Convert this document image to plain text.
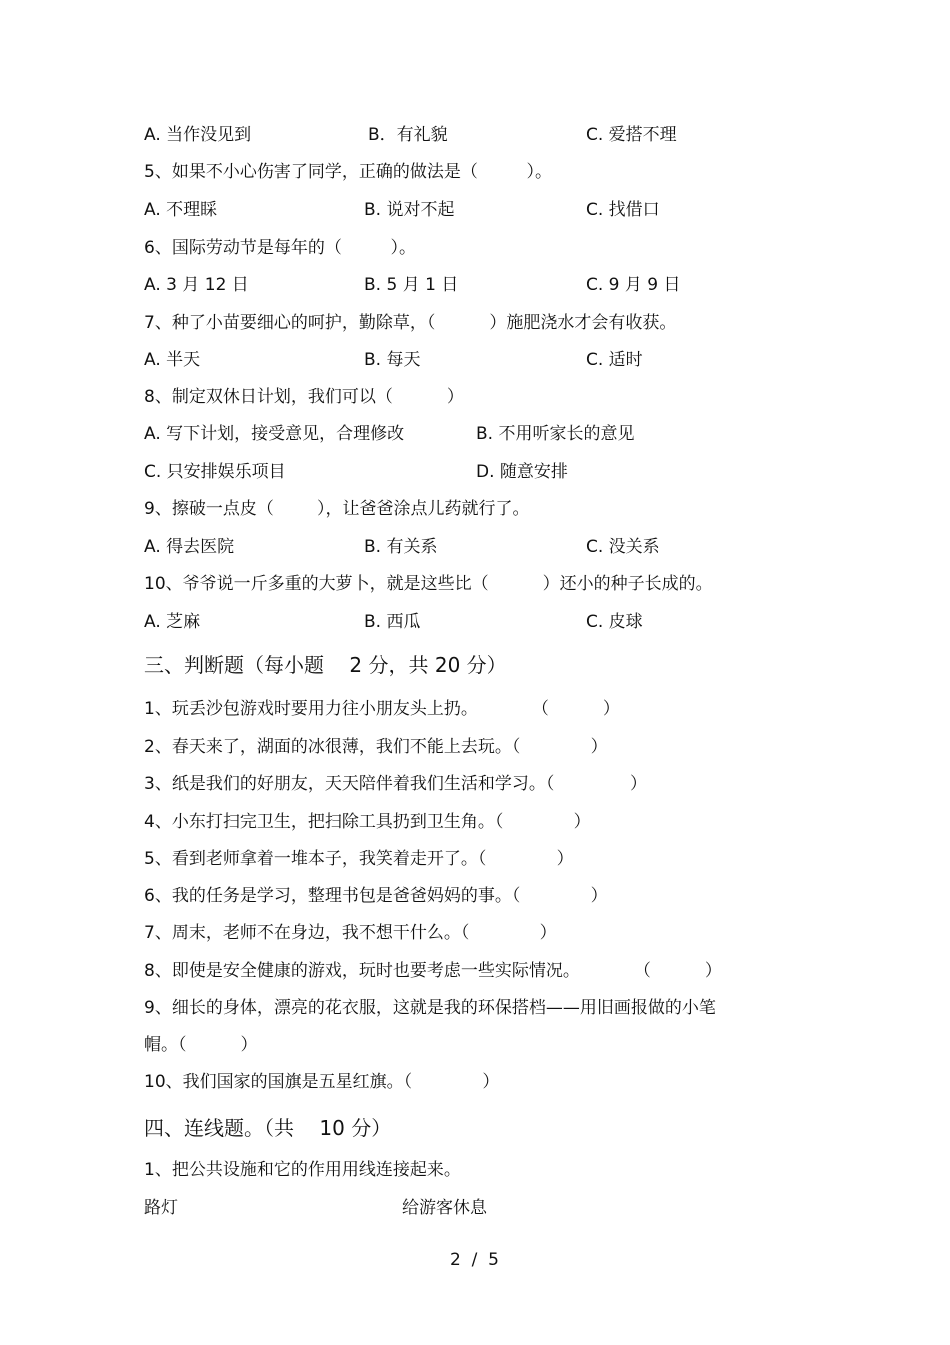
A. 当作没见到	B．有礼貌	C. 爱搭不理
5、如果不小心伤害了同学，正确的做法是（         ）。
A. 不理睬	B. 说对不起	C. 找借口
6、国际劳动节是每年的（         ）。
A. 3 月 12 日	B. 5 月 1 日	C. 9 月 9 日
7、种了小苗要细心的呵护，勤除草，（          ）施肥浇水才会有收获。
A. 半天	B. 每天	C. 适时
8、制定双休日计划，我们可以（          ）
A. 写下计划，接受意见，合理修改	B. 不用听家长的意见
C. 只安排娱乐项目	D. 随意安排
9、擦破一点皮（        ），让爸爸涂点儿药就行了。
A. 得去医院	B. 有关系	C. 没关系
10、爷爷说一斤多重的大萝卜，就是这些比（          ）还小的种子长成的。
A. 芝麻	B. 西瓜	C. 皮球
三、判断题（每小题    2 分，共 20 分）
1、玩丢沙包游戏时要用力往小朋友头上扔。          （          ）
2、春天来了，湖面的冰很薄，我们不能上去玩。（             ）
3、纸是我们的好朋友，天天陪伴着我们生活和学习。（              ）
4、小东打扫完卫生，把扫除工具扔到卫生角。（             ）
5、看到老师拿着一堆本子，我笑着走开了。（             ）
6、我的任务是学习，整理书包是爸爸妈妈的事。（             ）
7、周末，老师不在身边，我不想干什么。（             ）
8、即使是安全健康的游戏，玩时也要考虑一些实际情况。          （          ）
9、细长的身体，漂亮的花衣服，这就是我的环保搭档——用旧画报做的小笔
帽。（          ）
10、我们国家的国旗是五星红旗。（             ）
四、连线题。（共    10 分）
1、把公共设施和它的作用用线连接起来。
路灯	给游客休息
2  /  5
